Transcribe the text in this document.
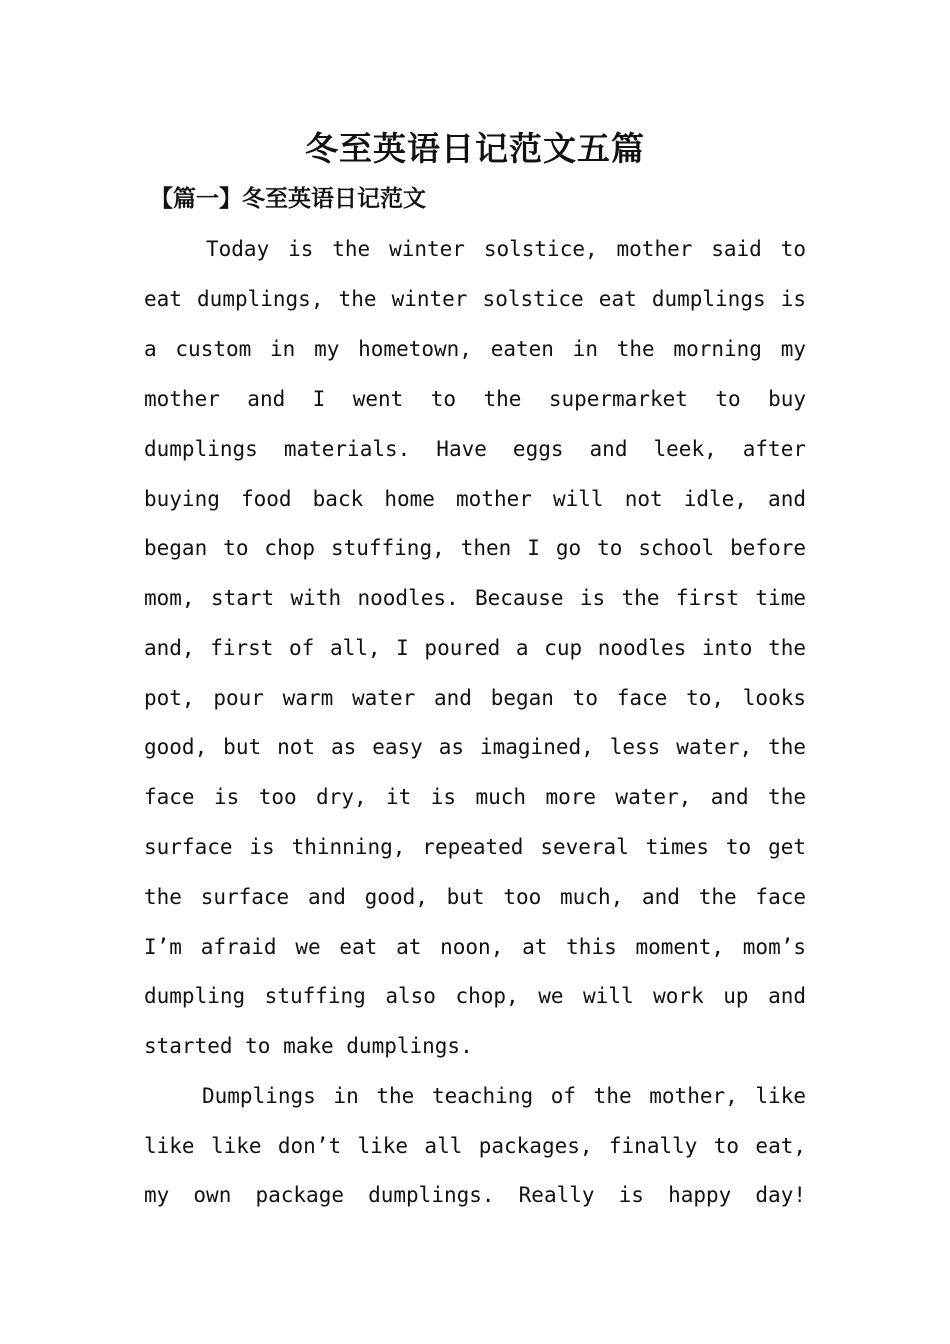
冬至英语日记范文五篇
【篇一】冬至英语日记范文
Today is the winter solstice, mother said to
eat dumplings, the winter solstice eat dumplings is
a custom in my hometown, eaten in the morning my
mother and I went to the supermarket to buy
dumplings materials. Have eggs and leek, after
buying food back home mother will not idle, and
began to chop stuffing, then I go to school before
mom, start with noodles. Because is the first time
and, first of all, I poured a cup noodles into the
pot, pour warm water and began to face to, looks
good, but not as easy as imagined, less water, the
face is too dry, it is much more water, and the
surface is thinning, repeated several times to get
the surface and good, but too much, and the face
I’m afraid we eat at noon, at this moment, mom’s
dumpling stuffing also chop, we will work up and
started to make dumplings.
Dumplings in the teaching of the mother, like
like like don’t like all packages, finally to eat,
my own package dumplings. Really is happy day!
